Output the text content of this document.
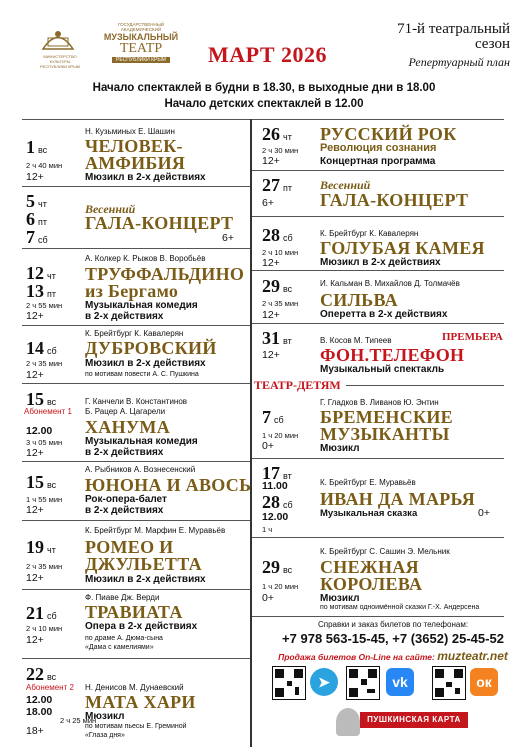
МИНИСТЕРСТВО КУЛЬТУРЫ РЕСПУБЛИКИ КРЫМ
ГОСУДАРСТВЕННЫЙ АКАДЕМИЧЕСКИЙ
МУЗЫКАЛЬНЫЙ
ТЕАТР
РЕСПУБЛИКИ КРЫМ МАРТ 2026
71-й театральный
сезон
Репертуарный план
Начало спектаклей в будни в 18.30, в выходные дни в 18.00
Начало детских спектаклей в 12.00
1 вс
2 ч 40 мин
12+
Н. Кузьминых Е. Шашин
ЧЕЛОВЕК-
АМФИБИЯ
Мюзикл в 2-х действиях
5 чт
6 пт
7 сб
Весенний
ГАЛА-КОНЦЕРТ
6+
12 чт
13 пт
2 ч 55 мин
12+
А. Колкер К. Рыжов В. Воробьёв
ТРУФФАЛЬДИНО
из Бергамо
Музыкальная комедия
в 2-х действиях
14 сб
2 ч 35 мин
12+
К. Брейтбург К. Кавалерян
ДУБРОВСКИЙ
Мюзикл в 2-х действиях
по мотивам повести А. С. Пушкина
15 вс
Абонемент 1
12.00
3 ч 05 мин
12+
Г. Канчели В. Константинов
Б. Рацер А. Цагарели
ХАНУМА
Музыкальная комедия
в 2-х действиях
15 вс
1 ч 55 мин
12+
А. Рыбников А. Вознесенский
ЮНОНА И АВОСЬ
Рок-опера-балет
в 2-х действиях
19 чт
2 ч 35 мин
12+
К. Брейтбург М. Марфин Е. Муравьёв
РОМЕО И
ДЖУЛЬЕТТА
Мюзикл в 2-х действиях
21 сб
2 ч 10 мин
12+
Ф. Пиаве Дж. Верди
ТРАВИАТА
Опера в 2-х действиях
по драме А. Дюма-сына
«Дама с камелиями»
22 вс
Абонемент 2
12.00
18.00
2 ч 25 мин
18+
Н. Денисов М. Дунаевский
МАТА ХАРИ
Мюзикл
по мотивам пьесы Е. Греминой
«Глаза дня»
26 чт
2 ч 30 мин
12+
РУССКИЙ РОК
Революция сознания
Концертная программа
27 пт
6+
Весенний
ГАЛА-КОНЦЕРТ
28 сб
2 ч 10 мин
12+
К. Брейтбург К. Кавалерян
ГОЛУБАЯ КАМЕЯ
Мюзикл в 2-х действиях
29 вс
2 ч 35 мин
12+
И. Кальман В. Михайлов Д. Толмачёв
СИЛЬВА
Оперетта в 2-х действиях
31 вт
12+
В. Косов М. Типеев	ПРЕМЬЕРА
ФОН.ТЕЛЕФОН
Музыкальный спектакль
ТЕАТР-ДЕТЯМ
7 сб
1 ч 20 мин
0+
Г. Гладков В. Ливанов Ю. Энтин
БРЕМЕНСКИЕ
МУЗЫКАНТЫ
Мюзикл
17 вт
11.00
28 сб
12.00
1 ч
К. Брейтбург Е. Муравьёв
ИВАН ДА МАРЬЯ
Музыкальная сказка	0+
29 вс
1 ч 20 мин
0+
К. Брейтбург С. Сашин Э. Мельник
СНЕЖНАЯ
КОРОЛЕВА
Мюзикл
по мотивам одноимённой сказки Г.-Х. Андерсена
Справки и заказ билетов по телефонам:
+7 978 563-15-45, +7 (3652) 25-45-52
Продажа билетов On-Line на сайте: muzteatr.net
➤	vk	ок
ПУШКИНСКАЯ КАРТА
